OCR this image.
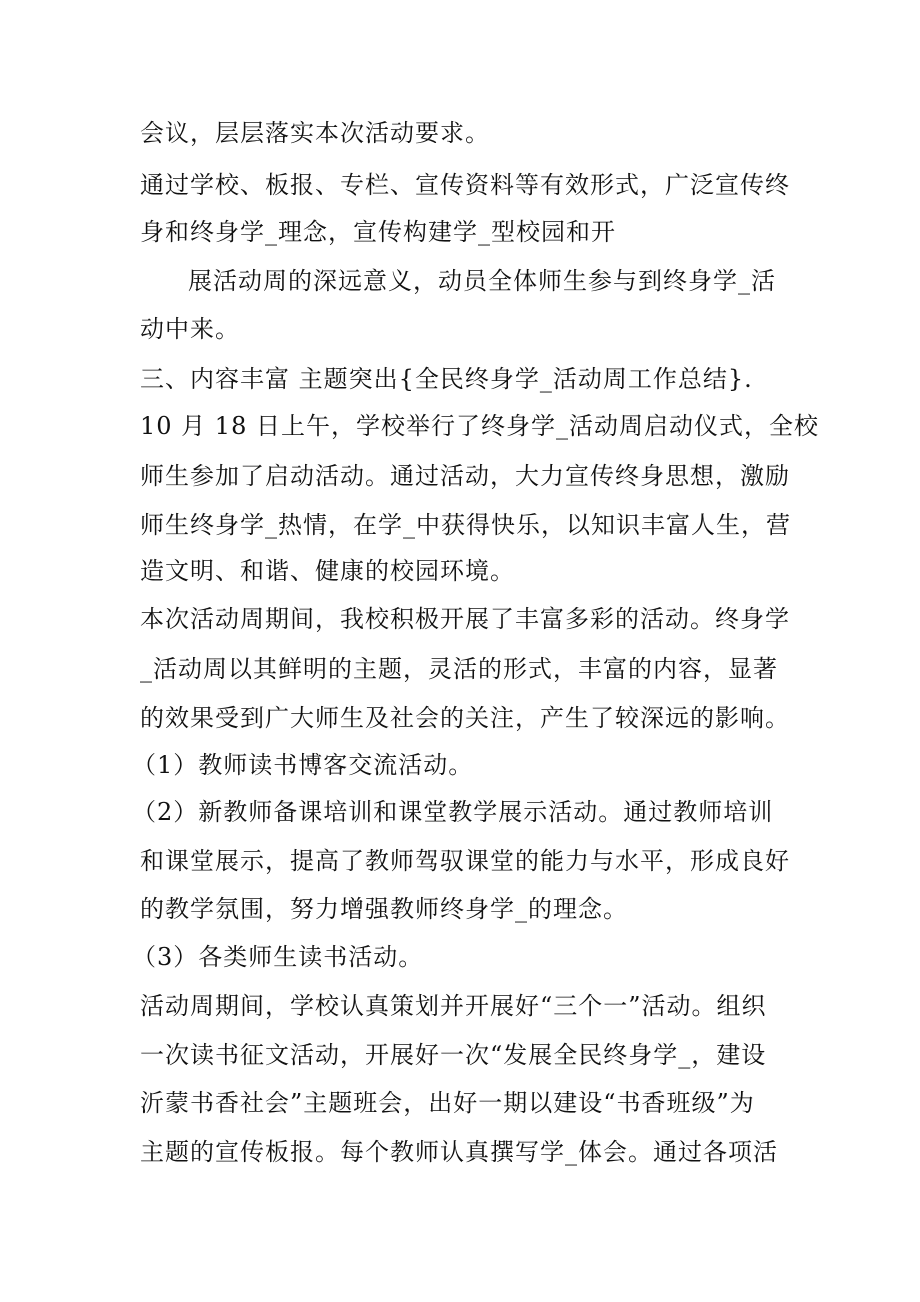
会议，层层落实本次活动要求。
通过学校、板报、专栏、宣传资料等有效形式，广泛宣传终
身和终身学_理念，宣传构建学_型校园和开
展活动周的深远意义，动员全体师生参与到终身学_活
动中来。
三、内容丰富 主题突出{全民终身学_活动周工作总结}.
10 月 18 日上午，学校举行了终身学_活动周启动仪式，全校
师生参加了启动活动。通过活动，大力宣传终身思想，激励
师生终身学_热情，在学_中获得快乐，以知识丰富人生，营
造文明、和谐、健康的校园环境。
本次活动周期间，我校积极开展了丰富多彩的活动。终身学
_活动周以其鲜明的主题，灵活的形式，丰富的内容，显著
的效果受到广大师生及社会的关注，产生了较深远的影响。
（1）教师读书博客交流活动。
（2）新教师备课培训和课堂教学展示活动。通过教师培训
和课堂展示，提高了教师驾驭课堂的能力与水平，形成良好
的教学氛围，努力增强教师终身学_的理念。
（3）各类师生读书活动。
活动周期间，学校认真策划并开展好“三个一”活动。组织
一次读书征文活动，开展好一次“发展全民终身学_，建设
沂蒙书香社会”主题班会，出好一期以建设“书香班级”为
主题的宣传板报。每个教师认真撰写学_体会。通过各项活
